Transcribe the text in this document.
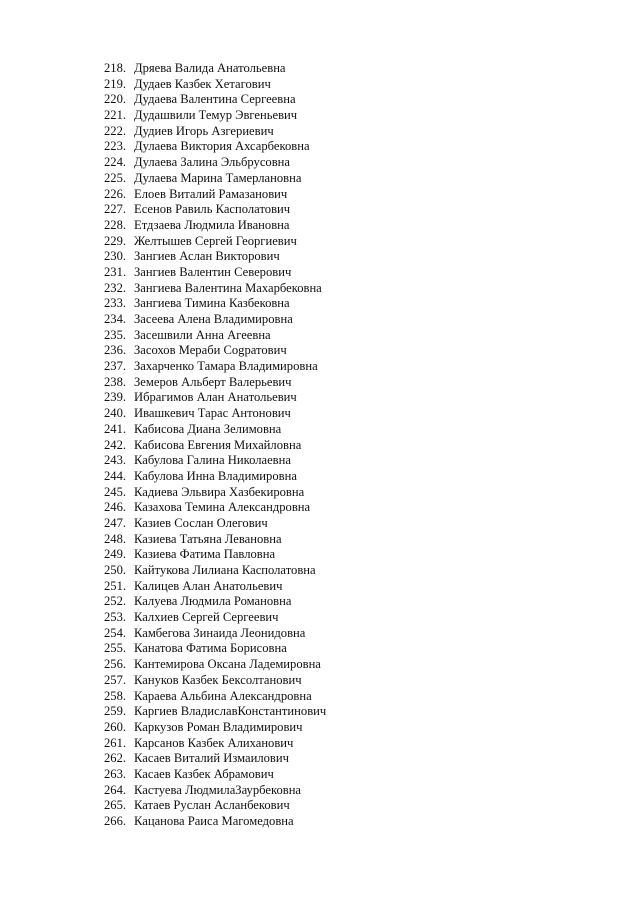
218. Дряева Валида Анатольевна
219. Дудаев Казбек Хетагович
220. Дудаева Валентина Сергеевна
221. Дудашвили Темур Эвгеньевич
222. Дудиев Игорь Азгериевич
223. Дулаева Виктория Ахсарбековна
224. Дулаева Залина Эльбрусовна
225. Дулаева Марина Тамерлановна
226. Елоев Виталий Рамазанович
227. Есенов Равиль Касполатович
228. Етдзаева Людмила Ивановна
229. Желтышев Сергей Георгиевич
230. Зангиев Аслан Викторович
231. Зангиев Валентин Северович
232. Зангиева Валентина Махарбековна
233. Зангиева Тимина Казбековна
234. Засеева Алена Владимировна
235. Засешвили Анна Агеевна
236. Засохов Мераби Сogратович
237. Захарченко Тамара Владимировна
238. Земеров Альберт Валерьевич
239. Ибрагимов Алан Анатольевич
240. Ивашкевич Тарас Антонович
241. Кабисова Диана Зелимовна
242. Кабисова Евгения Михайловна
243. Кабулова Галина Николаевна
244. Кабулова Инна Владимировна
245. Кадиева Эльвира Хазбекировна
246. Казахова Темина Александровна
247. Казиев Сослан Олегович
248. Казиева Татьяна Левановна
249. Казиева Фатима Павловна
250. Кайтукова Лилиана Касполатовна
251. Калицев Алан Анатольевич
252. Калуева Людмила Романовна
253. Калхиев Сергей Сергеевич
254. Камбегова Зинаида Леонидовна
255. Канатова Фатима Борисовна
256. Кантемирова Оксана Ладемировна
257. Кануков Казбек Бексолтанович
258. Караева Альбина Александровна
259. Каргиев ВладиславКонстантинович
260. Каркузов Роман Владимирович
261. Карсанов Казбек Алиханович
262. Касаев Виталий Измаилович
263. Касаев Казбек Абрамович
264. Кастуева ЛюдмилаЗаурбековна
265. Катаев Руслан Асланбекович
266. Кацанова Раиса Магомедовна
